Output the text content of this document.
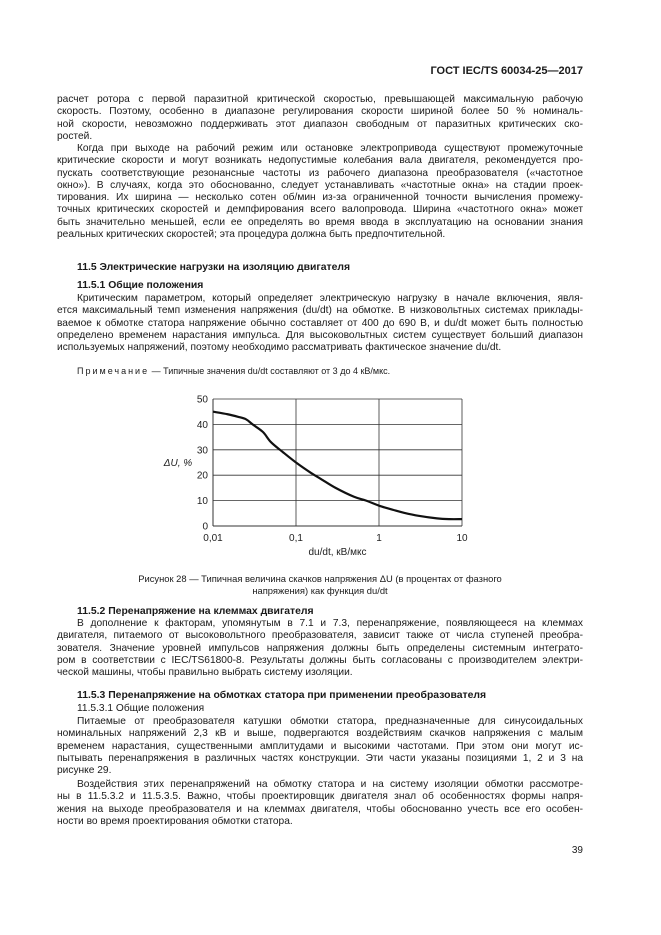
ГОСТ IEC/TS 60034-25—2017
расчет ротора с первой паразитной критической скоростью, превышающей максимальную рабочую
скорость. Поэтому, особенно в диапазоне регулирования скорости шириной более 50 % номиналь-
ной скорости, невозможно поддерживать этот диапазон свободным от паразитных критических ско-
ростей.
Когда при выходе на рабочий режим или остановке электропривода существуют промежуточные
критические скорости и могут возникать недопустимые колебания вала двигателя, рекомендуется про-
пускать соответствующие резонансные частоты из рабочего диапазона преобразователя («частотное
окно»). В случаях, когда это обоснованно, следует устанавливать «частотные окна» на стадии проек-
тирования. Их ширина — несколько сотен об/мин из-за ограниченной точности вычисления промежу-
точных критических скоростей и демпфирования всего валопровода. Ширина «частотного окна» может
быть значительно меньшей, если ее определять во время ввода в эксплуатацию на основании знания
реальных критических скоростей; эта процедура должна быть предпочтительной.
11.5 Электрические нагрузки на изоляцию двигателя
11.5.1 Общие положения
Критическим параметром, который определяет электрическую нагрузку в начале включения, явля-
ется максимальный темп изменения напряжения (du/dt) на обмотке. В низковольтных системах приклады-
ваемое к обмотке статора напряжение обычно составляет от 400 до 690 В, и du/dt может быть полностью
определено временем нарастания импульса. Для высоковольтных систем существует больший диапазон
используемых напряжений, поэтому необходимо рассматривать фактическое значение du/dt.
Примечание — Типичные значения du/dt составляют от 3 до 4 кВ/мкс.
0
10
20
30
40
50
0,01	0,1	1	10
ΔU, %
du/dt, кВ/мкс
Рисунок 28 — Типичная величина скачков напряжения ΔU (в процентах от фазного
напряжения) как функция du/dt
11.5.2 Перенапряжение на клеммах двигателя
В дополнение к факторам, упомянутым в 7.1 и 7.3, перенапряжение, появляющееся на клеммах
двигателя, питаемого от высоковольтного преобразователя, зависит также от числа ступеней преобра-
зователя. Значение уровней импульсов напряжения должны быть определены системным интеграто-
ром в соответствии с IEC/TS61800-8. Результаты должны быть согласованы с производителем электри-
ческой машины, чтобы правильно выбрать систему изоляции.
11.5.3 Перенапряжение на обмотках статора при применении преобразователя
11.5.3.1 Общие положения
Питаемые от преобразователя катушки обмотки статора, предназначенные для синусоидальных
номинальных напряжений 2,3 кВ и выше, подвергаются воздействиям скачков напряжения с малым
временем нарастания, существенными амплитудами и высокими частотами. При этом они могут ис-
пытывать перенапряжения в различных частях конструкции. Эти части указаны позициями 1, 2 и 3 на
рисунке 29.
Воздействия этих перенапряжений на обмотку статора и на систему изоляции обмотки рассмотре-
ны в 11.5.3.2 и 11.5.3.5. Важно, чтобы проектировщик двигателя знал об особенностях формы напря-
жения на выходе преобразователя и на клеммах двигателя, чтобы обоснованно учесть все его особен-
ности во время проектирования обмотки статора.
39
